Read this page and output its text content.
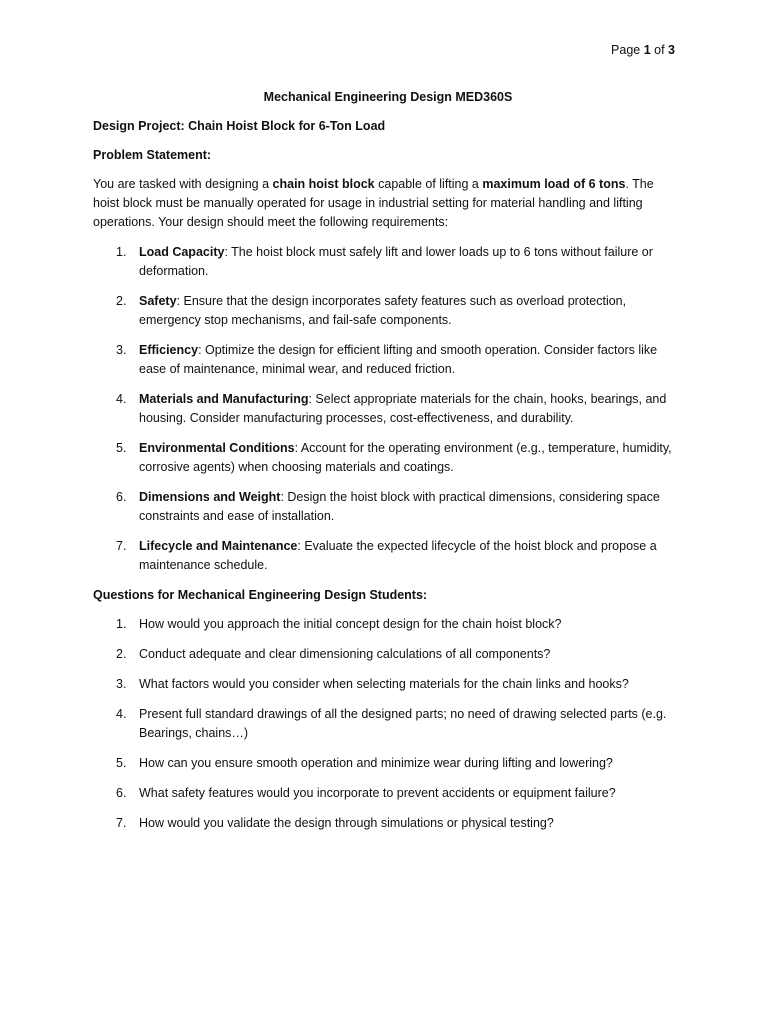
Page 1 of 3

Mechanical Engineering Design MED360S

Design Project: Chain Hoist Block for 6-Ton Load

Problem Statement:

You are tasked with designing a chain hoist block capable of lifting a maximum load of 6 tons. The hoist block must be manually operated for usage in industrial setting for material handling and lifting operations. Your design should meet the following requirements:

1. Load Capacity: The hoist block must safely lift and lower loads up to 6 tons without failure or deformation.
2. Safety: Ensure that the design incorporates safety features such as overload protection, emergency stop mechanisms, and fail-safe components.
3. Efficiency: Optimize the design for efficient lifting and smooth operation. Consider factors like ease of maintenance, minimal wear, and reduced friction.
4. Materials and Manufacturing: Select appropriate materials for the chain, hooks, bearings, and housing. Consider manufacturing processes, cost-effectiveness, and durability.
5. Environmental Conditions: Account for the operating environment (e.g., temperature, humidity, corrosive agents) when choosing materials and coatings.
6. Dimensions and Weight: Design the hoist block with practical dimensions, considering space constraints and ease of installation.
7. Lifecycle and Maintenance: Evaluate the expected lifecycle of the hoist block and propose a maintenance schedule.

Questions for Mechanical Engineering Design Students:

1. How would you approach the initial concept design for the chain hoist block?
2. Conduct adequate and clear dimensioning calculations of all components?
3. What factors would you consider when selecting materials for the chain links and hooks?
4. Present full standard drawings of all the designed parts; no need of drawing selected parts (e.g. Bearings, chains…)
5. How can you ensure smooth operation and minimize wear during lifting and lowering?
6. What safety features would you incorporate to prevent accidents or equipment failure?
7. How would you validate the design through simulations or physical testing?
